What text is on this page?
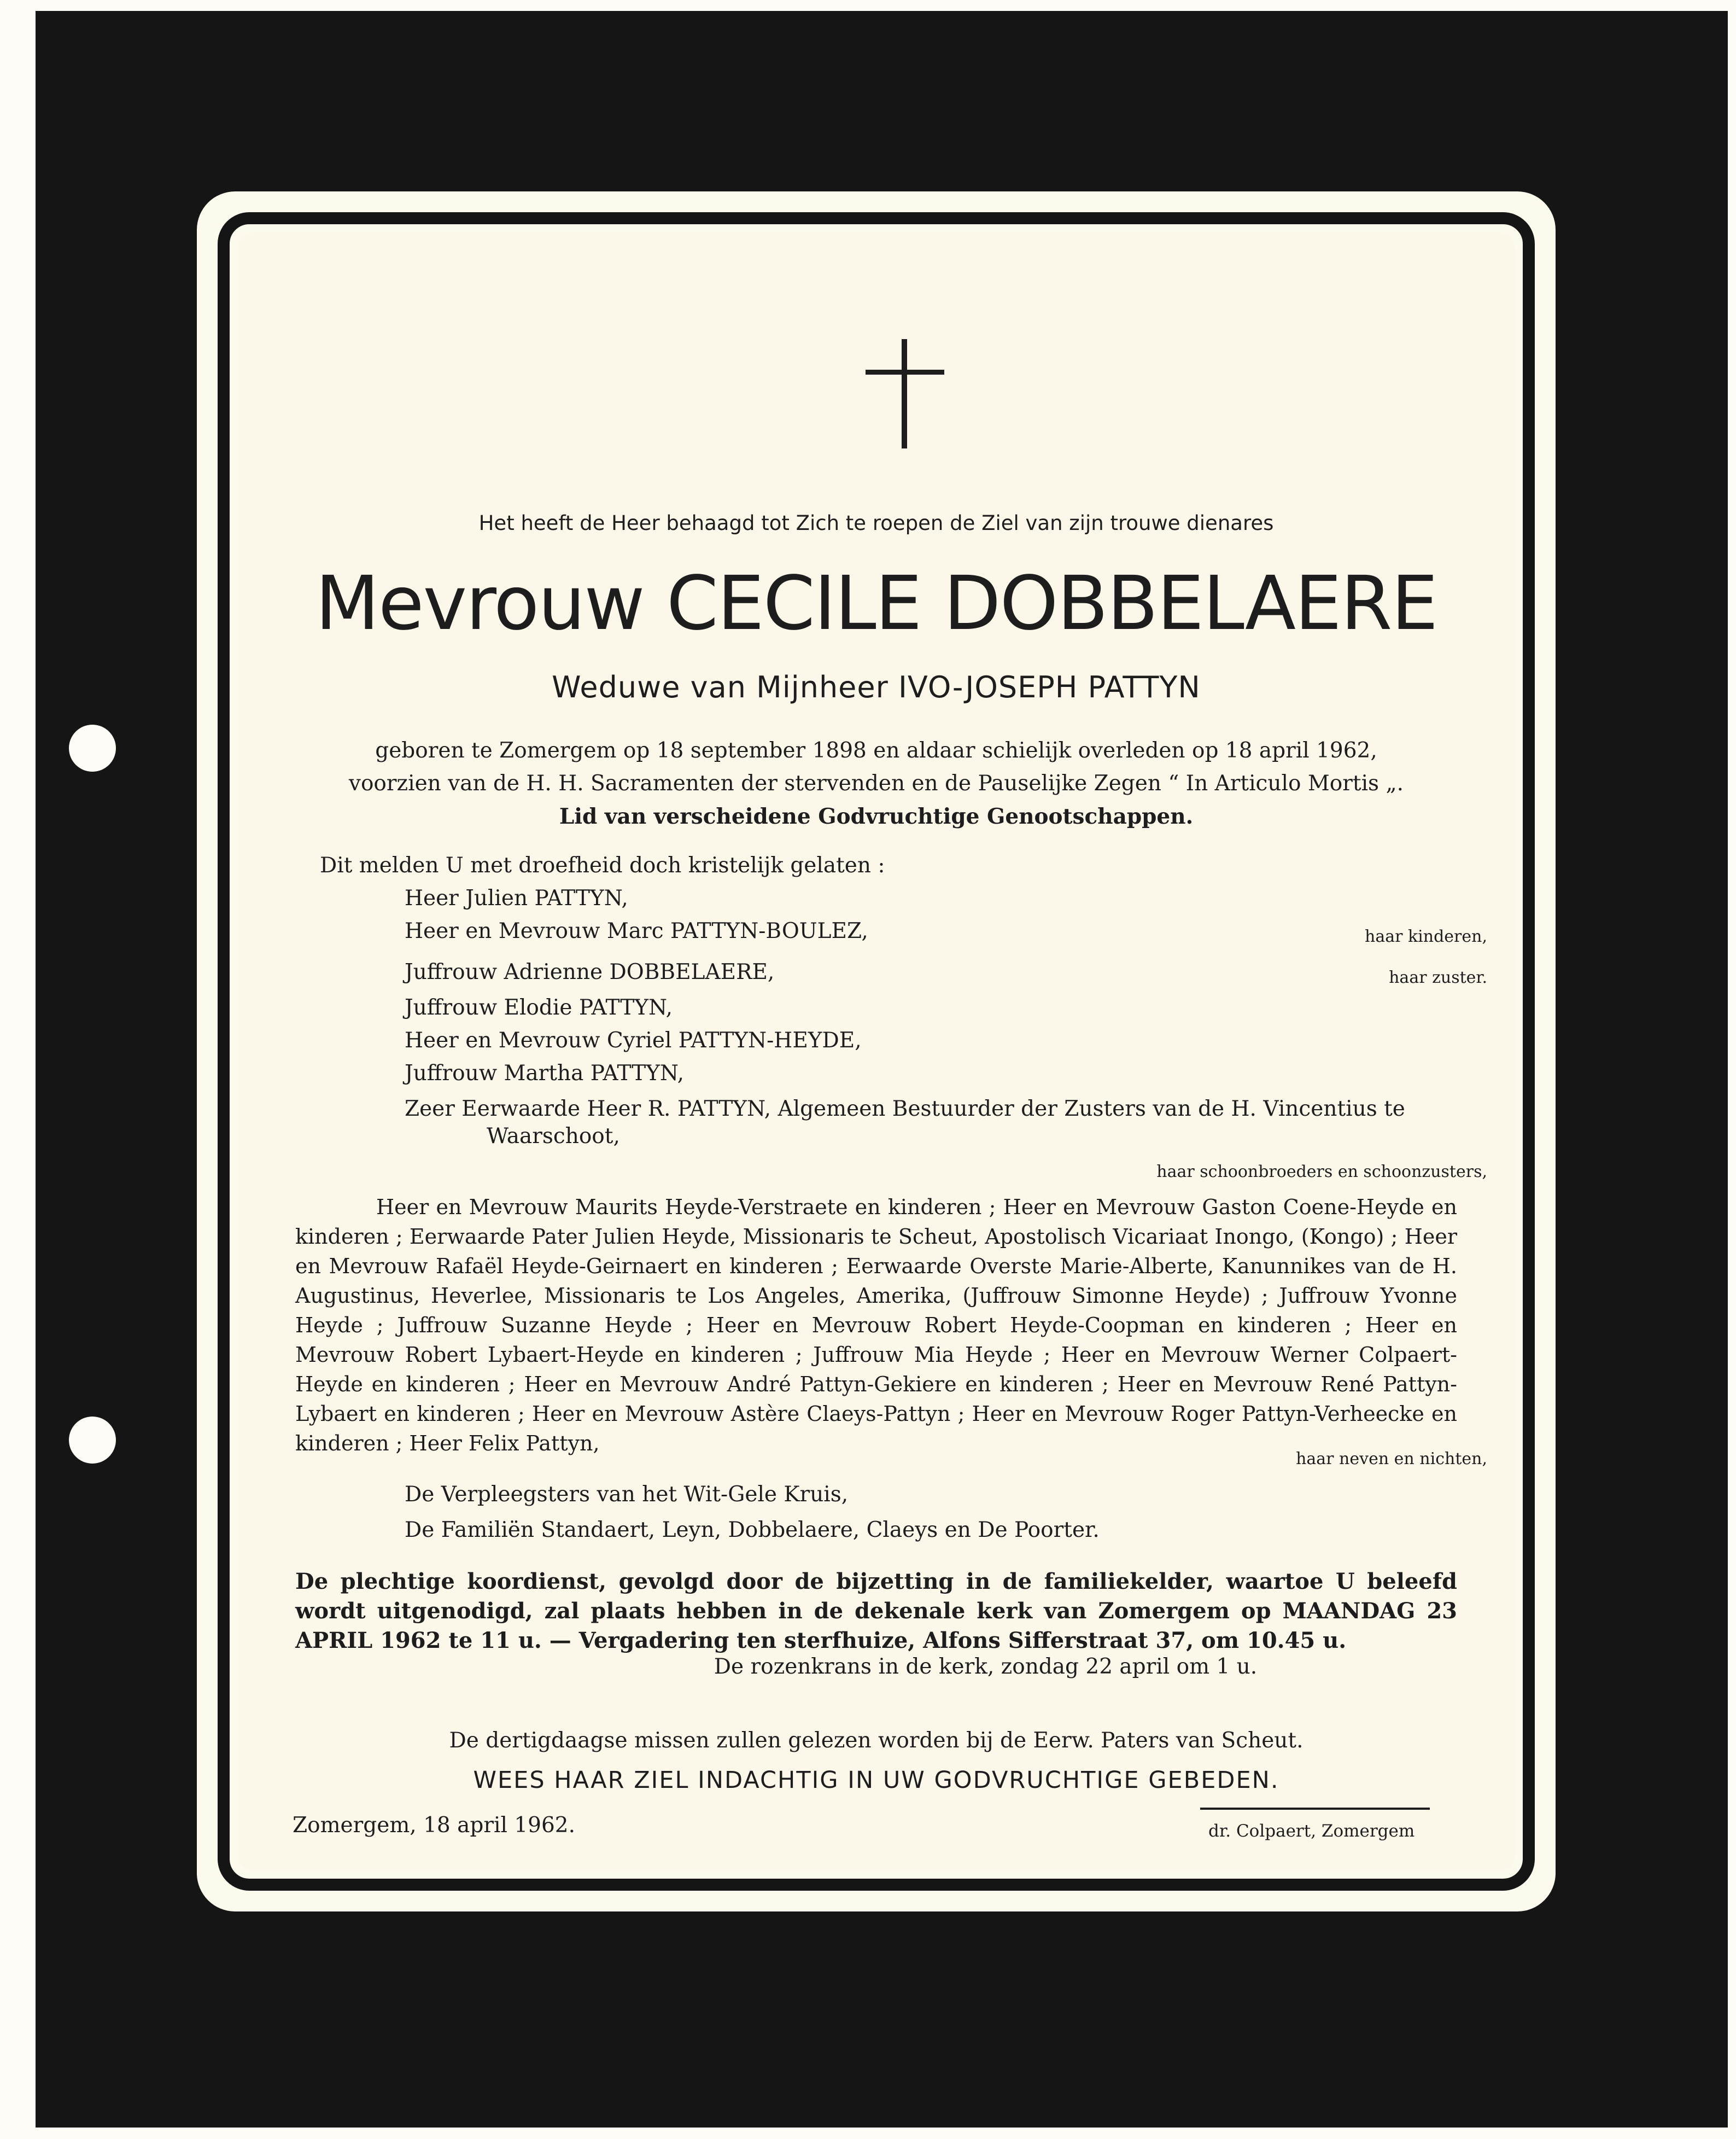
Het heeft de Heer behaagd tot Zich te roepen de Ziel van zijn trouwe dienares

Mevrouw CECILE DOBBELAERE

Weduwe van Mijnheer IVO-JOSEPH PATTYN

geboren te Zomergem op 18 september 1898 en aldaar schielijk overleden op 18 april 1962,

voorzien van de H. H. Sacramenten der stervenden en de Pauselijke Zegen “ In Articulo Mortis „.

Lid van verscheidene Godvruchtige Genootschappen.

Dit melden U met droefheid doch kristelijk gelaten :

Heer Julien PATTYN,

Heer en Mevrouw Marc PATTYN-BOULEZ,	haar kinderen,

Juffrouw Adrienne DOBBELAERE,	haar zuster.

Juffrouw Elodie PATTYN,

Heer en Mevrouw Cyriel PATTYN-HEYDE,

Juffrouw Martha PATTYN,

Zeer Eerwaarde Heer R. PATTYN, Algemeen Bestuurder der Zusters van de H. Vincentius te

Waarschoot,

haar schoonbroeders en schoonzusters,

Heer en Mevrouw Maurits Heyde-Verstraete en kinderen ; Heer en Mevrouw Gaston Coene-Heyde en kinderen ; Eerwaarde Pater Julien Heyde, Missionaris te Scheut, Apostolisch Vicariaat Inongo, (Kongo) ; Heer en Mevrouw Rafaël Heyde-Geirnaert en kinderen ; Eerwaarde Overste Marie-Alberte, Kanunnikes van de H. Augustinus, Heverlee, Missionaris te Los Angeles, Amerika, (Juffrouw Simonne Heyde) ; Juffrouw Yvonne Heyde ; Juffrouw Suzanne Heyde ; Heer en Mevrouw Robert Heyde-Coopman en kinderen ; Heer en Mevrouw Robert Lybaert-Heyde en kinderen ; Juffrouw Mia Heyde ; Heer en Mevrouw Werner Colpaert-Heyde en kinderen ; Heer en Mevrouw André Pattyn-Gekiere en kinderen ; Heer en Mevrouw René Pattyn-Lybaert en kinderen ; Heer en Mevrouw Astère Claeys-Pattyn ; Heer en Mevrouw Roger Pattyn-Verheecke en kinderen ; Heer Felix Pattyn,

haar neven en nichten,

De Verpleegsters van het Wit-Gele Kruis,

De Familiën Standaert, Leyn, Dobbelaere, Claeys en De Poorter.

De plechtige koordienst, gevolgd door de bijzetting in de familiekelder, waartoe U beleefd wordt uitgenodigd, zal plaats hebben in de dekenale kerk van Zomergem op MAANDAG 23 APRIL 1962 te 11 u. — Vergadering ten sterfhuize, Alfons Sifferstraat 37, om 10.45 u.

De rozenkrans in de kerk, zondag 22 april om 1 u.

De dertigdaagse missen zullen gelezen worden bij de Eerw. Paters van Scheut.

WEES HAAR ZIEL INDACHTIG IN UW GODVRUCHTIGE GEBEDEN.

Zomergem, 18 april 1962.	dr. Colpaert, Zomergem
